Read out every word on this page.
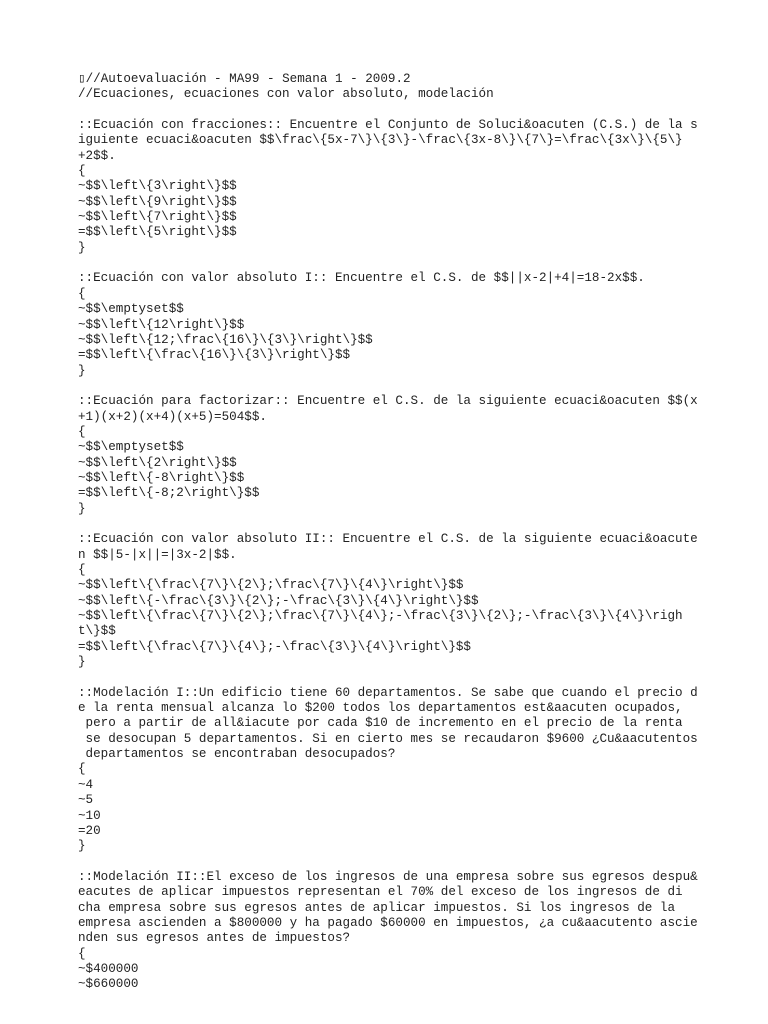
▯//Autoevaluación - MA99 - Semana 1 - 2009.2
//Ecuaciones, ecuaciones con valor absoluto, modelación
::Ecuación con fracciones:: Encuentre el Conjunto de Soluci&oacuten (C.S.) de la s
iguiente ecuaci&oacuten $$\frac\{5x-7\}\{3\}-\frac\{3x-8\}\{7\}=\frac\{3x\}\{5\}
+2$$.
{
~$$\left\{3\right\}$$
~$$\left\{9\right\}$$
~$$\left\{7\right\}$$
=$$\left\{5\right\}$$
}
::Ecuación con valor absoluto I:: Encuentre el C.S. de $$||x-2|+4|=18-2x$$.
{
~$$\emptyset$$
~$$\left\{12\right\}$$
~$$\left\{12;\frac\{16\}\{3\}\right\}$$
=$$\left\{\frac\{16\}\{3\}\right\}$$
}
::Ecuación para factorizar:: Encuentre el C.S. de la siguiente ecuaci&oacuten $$(x
+1)(x+2)(x+4)(x+5)=504$$.
{
~$$\emptyset$$
~$$\left\{2\right\}$$
~$$\left\{-8\right\}$$
=$$\left\{-8;2\right\}$$
}
::Ecuación con valor absoluto II:: Encuentre el C.S. de la siguiente ecuaci&oacute
n $$|5-|x||=|3x-2|$$.
{
~$$\left\{\frac\{7\}\{2\};\frac\{7\}\{4\}\right\}$$
~$$\left\{-\frac\{3\}\{2\};-\frac\{3\}\{4\}\right\}$$
~$$\left\{\frac\{7\}\{2\};\frac\{7\}\{4\};-\frac\{3\}\{2\};-\frac\{3\}\{4\}\righ
t\}$$
=$$\left\{\frac\{7\}\{4\};-\frac\{3\}\{4\}\right\}$$
}
::Modelación I::Un edificio tiene 60 departamentos. Se sabe que cuando el precio d
e la renta mensual alcanza lo $200 todos los departamentos est&aacuten ocupados,
pero a partir de all&iacute por cada $10 de incremento en el precio de la renta
se desocupan 5 departamentos. Si en cierto mes se recaudaron $9600 ¿Cu&aacutentos
departamentos se encontraban desocupados?
{
~4
~5
~10
=20
}
::Modelación II::El exceso de los ingresos de una empresa sobre sus egresos despu&
eacutes de aplicar impuestos representan el 70% del exceso de los ingresos de di
cha empresa sobre sus egresos antes de aplicar impuestos. Si los ingresos de la
empresa ascienden a $800000 y ha pagado $60000 en impuestos, ¿a cu&aacutento ascie
nden sus egresos antes de impuestos?
{
~$400000
~$660000
